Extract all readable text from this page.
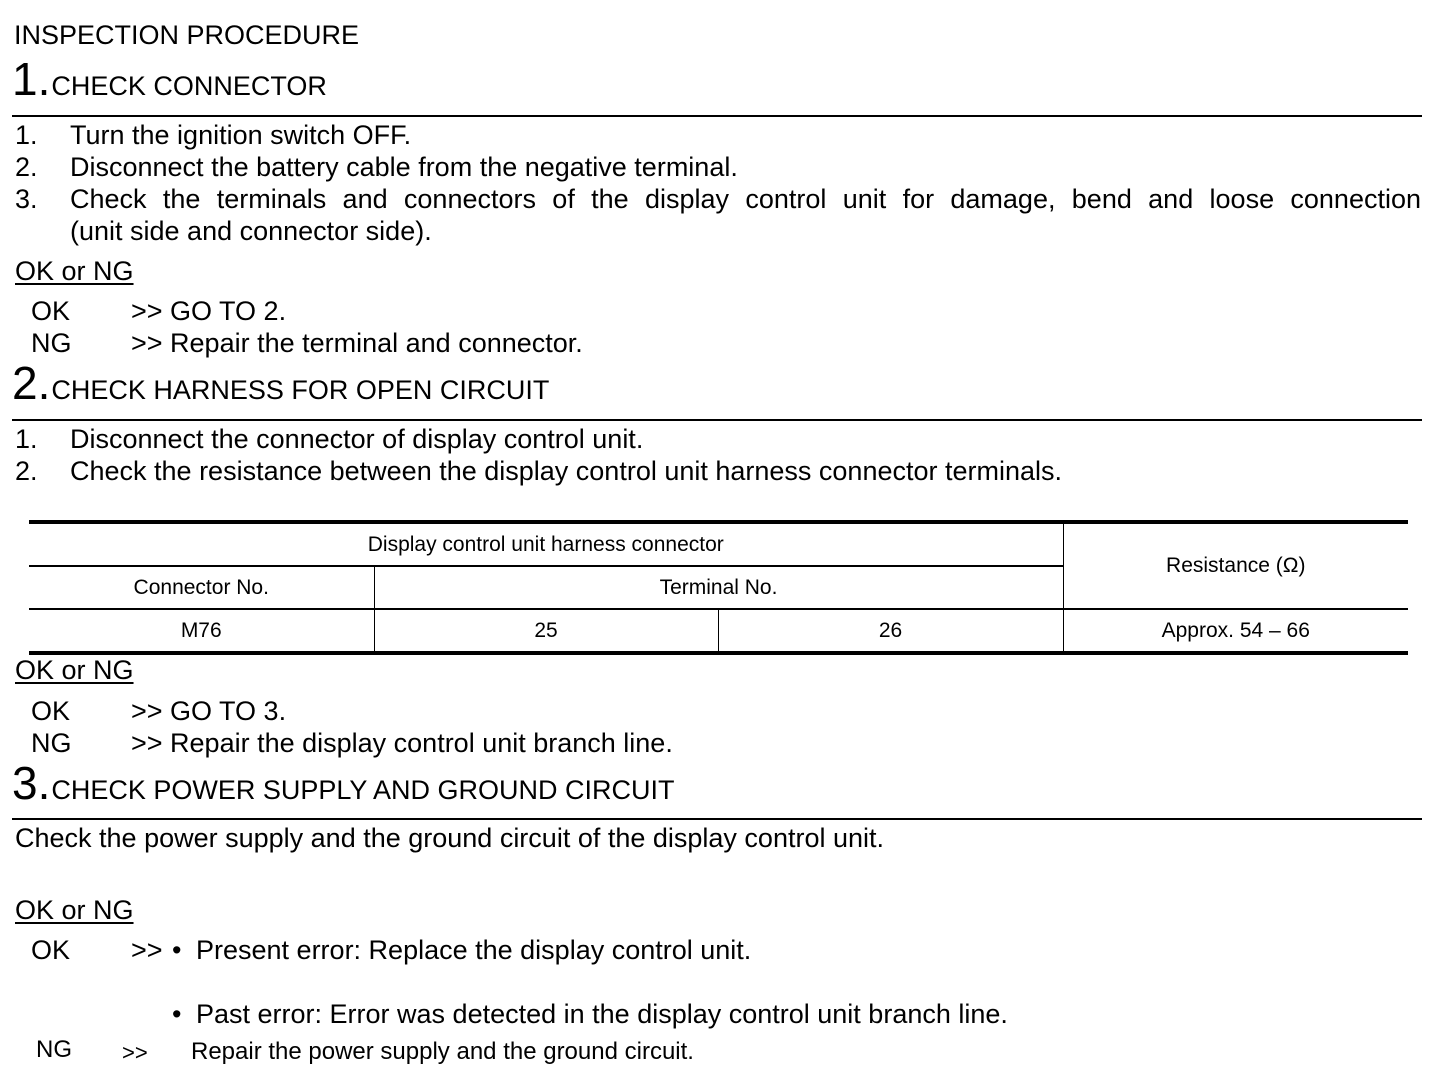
INSPECTION PROCEDURE
1. CHECK CONNECTOR
1. Turn the ignition switch OFF.
2. Disconnect the battery cable from the negative terminal.
3. Check the terminals and connectors of the display control unit for damage, bend and loose connection
(unit side and connector side).
OK or NG
OK >> GO TO 2.
NG >> Repair the terminal and connector.
2. CHECK HARNESS FOR OPEN CIRCUIT
1. Disconnect the connector of display control unit.
2. Check the resistance between the display control unit harness connector terminals.
Display control unit harness connector			Resistance (Ω)
Connector No.	Terminal No.		
M76	25	26	Approx. 54 – 66
OK or NG
OK >> GO TO 3.
NG >> Repair the display control unit branch line.
3. CHECK POWER SUPPLY AND GROUND CIRCUIT
Check the power supply and the ground circuit of the display control unit.
OK or NG
OK >> • Present error: Replace the display control unit.
• Past error: Error was detected in the display control unit branch line.
NG >> Repair the power supply and the ground circuit.
